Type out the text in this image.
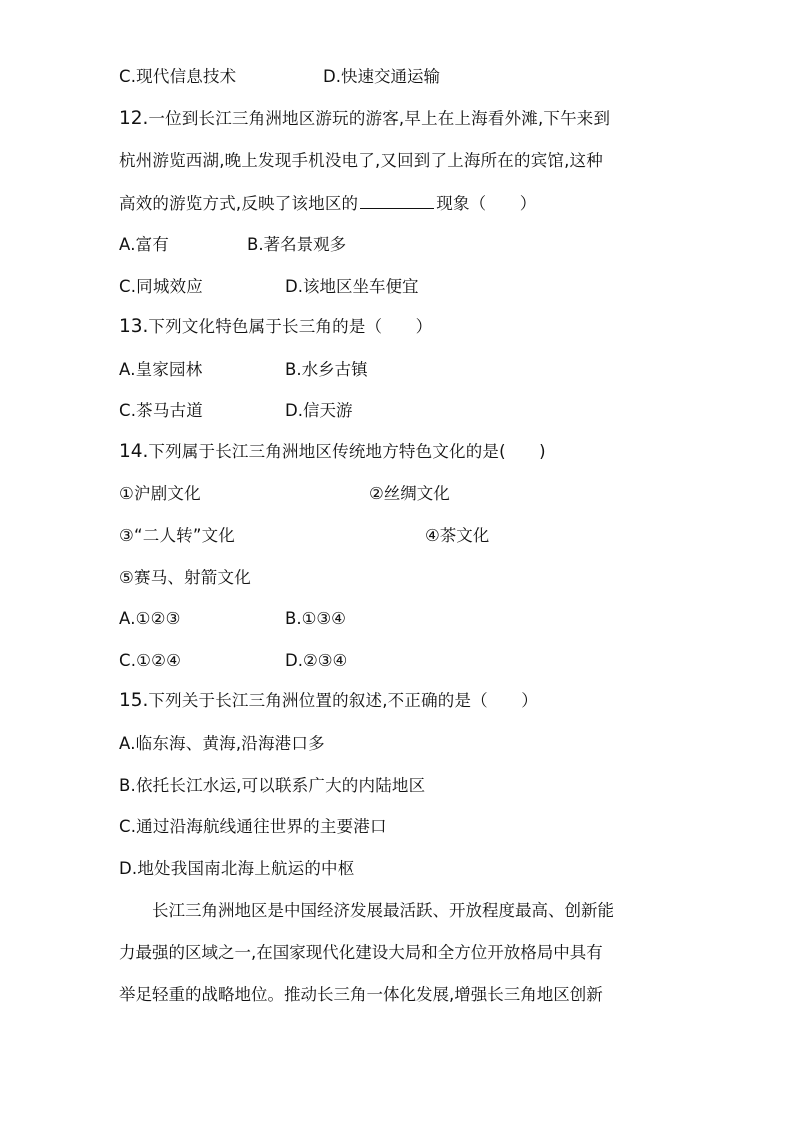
C.现代信息技术	D.快速交通运输
12.一位到长江三角洲地区游玩的游客,早上在上海看外滩,下午来到
杭州游览西湖,晚上发现手机没电了,又回到了上海所在的宾馆,这种
高效的游览方式,反映了该地区的	现象（　　）
A.富有	B.著名景观多
C.同城效应	D.该地区坐车便宜
13.下列文化特色属于长三角的是（　　）
A.皇家园林	B.水乡古镇
C.茶马古道	D.信天游
14.下列属于长江三角洲地区传统地方特色文化的是(　　)
①沪剧文化	②丝绸文化
③“二人转”文化	④茶文化
⑤赛马、射箭文化
A.①②③	B.①③④
C.①②④	D.②③④
15.下列关于长江三角洲位置的叙述,不正确的是（　　）
A.临东海、黄海,沿海港口多
B.依托长江水运,可以联系广大的内陆地区
C.通过沿海航线通往世界的主要港口
D.地处我国南北海上航运的中枢
长江三角洲地区是中国经济发展最活跃、开放程度最高、创新能
力最强的区域之一,在国家现代化建设大局和全方位开放格局中具有
举足轻重的战略地位。推动长三角一体化发展,增强长三角地区创新
